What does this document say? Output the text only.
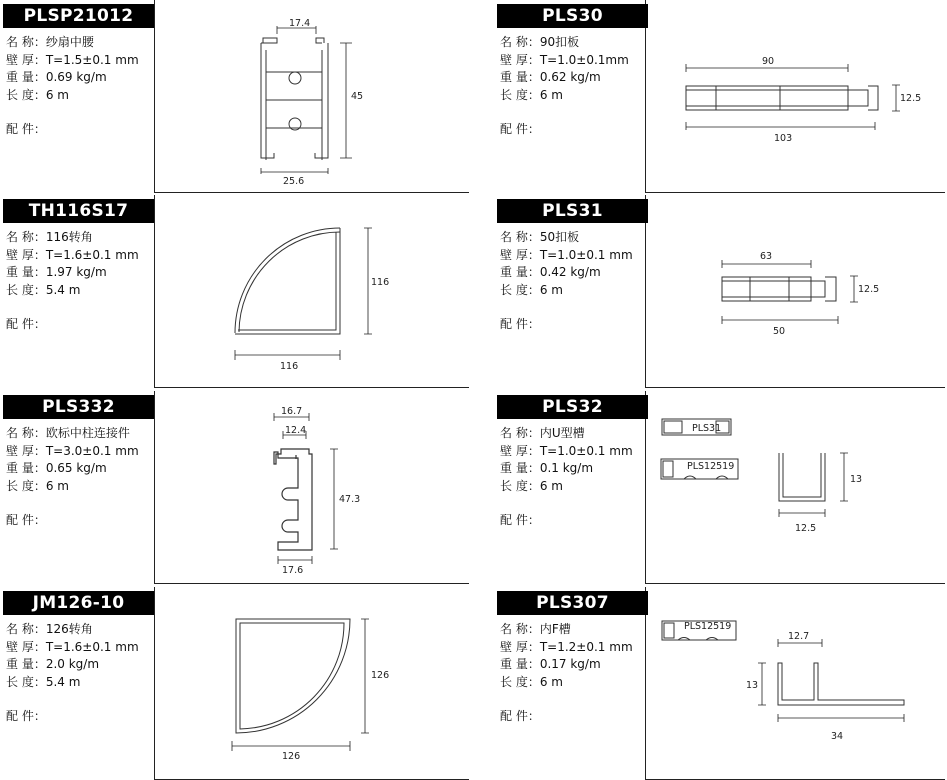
PLSP21012
名 称：纱扇中腰
壁 厚：T=1.5±0.1 mm
重 量：0.69 kg/m
长 度：6 m
配 件：
17.4
45
25.6
PLS30
名 称：90扣板
壁 厚：T=1.0±0.1mm
重 量：0.62 kg/m
长 度：6 m
配 件：
90
12.5
103
TH116S17
名 称：116转角
壁 厚：T=1.6±0.1 mm
重 量：1.97 kg/m
长 度：5.4 m
配 件：
116
116
PLS31
名 称：50扣板
壁 厚：T=1.0±0.1 mm
重 量：0.42 kg/m
长 度：6 m
配 件：
63
12.5
50
PLS332
名 称：欧标中柱连接件
壁 厚：T=3.0±0.1 mm
重 量：0.65 kg/m
长 度：6 m
配 件：
16.7
12.4
47.3
17.6
PLS32
名 称：内U型槽
壁 厚：T=1.0±0.1 mm
重 量：0.1 kg/m
长 度：6 m
配 件：
PLS31
PLS12519
13
12.5
JM126-10
名 称：126转角
壁 厚：T=1.6±0.1 mm
重 量：2.0 kg/m
长 度：5.4 m
配 件：
126
126
PLS307
名 称：内F槽
壁 厚：T=1.2±0.1 mm
重 量：0.17 kg/m
长 度：6 m
配 件：
PLS12519
12.7
13
34
